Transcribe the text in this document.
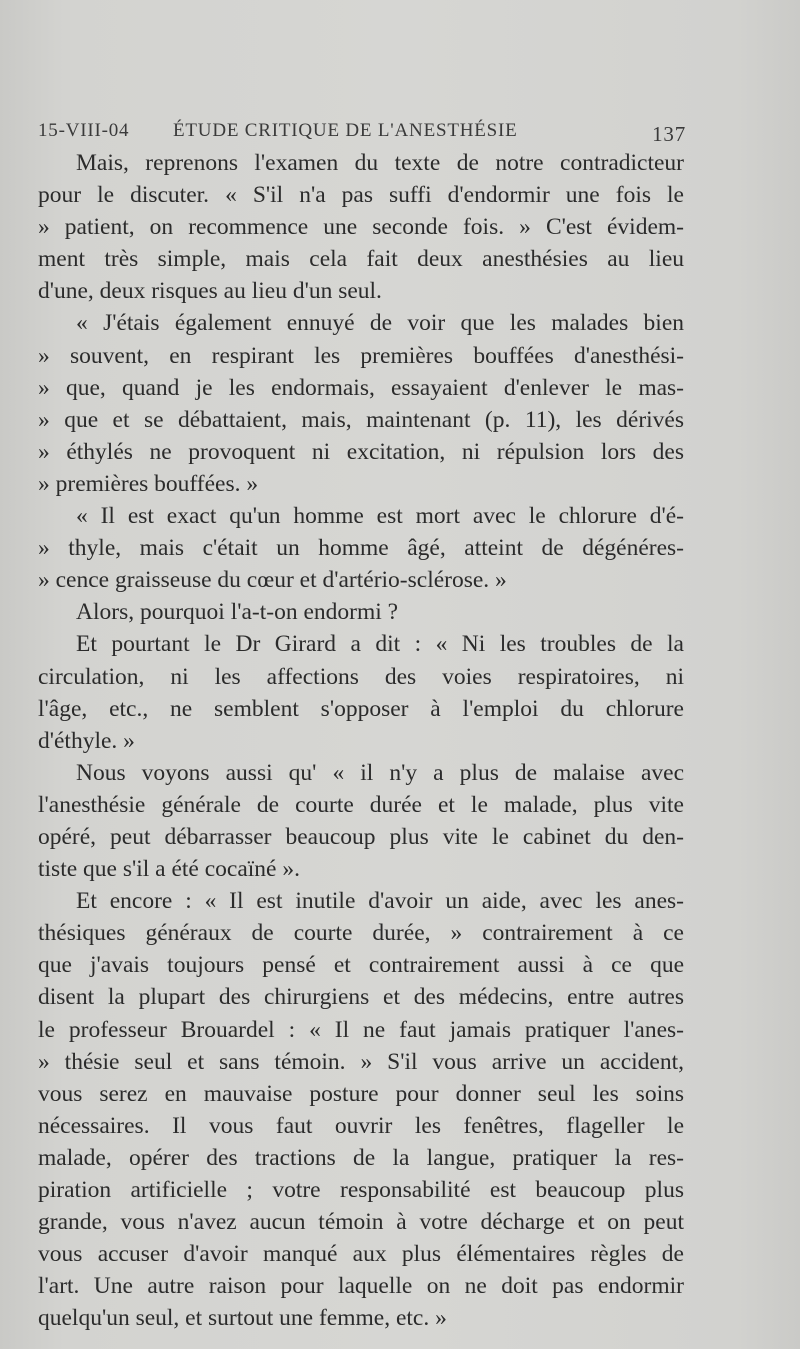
15-VIII-04 ÉTUDE CRITIQUE DE L'ANESTHÉSIE	137
Mais, reprenons l'examen du texte de notre contradicteur
pour le discuter. « S'il n'a pas suffi d'endormir une fois le
» patient, on recommence une seconde fois. » C'est évidem-
ment très simple, mais cela fait deux anesthésies au lieu
d'une, deux risques au lieu d'un seul.
« J'étais également ennuyé de voir que les malades bien
» souvent, en respirant les premières bouffées d'anesthési-
» que, quand je les endormais, essayaient d'enlever le mas-
» que et se débattaient, mais, maintenant (p. 11), les dérivés
» éthylés ne provoquent ni excitation, ni répulsion lors des
» premières bouffées. »
« Il est exact qu'un homme est mort avec le chlorure d'é-
» thyle, mais c'était un homme âgé, atteint de dégénéres-
» cence graisseuse du cœur et d'artério-sclérose. »
Alors, pourquoi l'a-t-on endormi ?
Et pourtant le Dr Girard a dit : « Ni les troubles de la
circulation, ni les affections des voies respiratoires, ni
l'âge, etc., ne semblent s'opposer à l'emploi du chlorure
d'éthyle. »
Nous voyons aussi qu' « il n'y a plus de malaise avec
l'anesthésie générale de courte durée et le malade, plus vite
opéré, peut débarrasser beaucoup plus vite le cabinet du den-
tiste que s'il a été cocaïné ».
Et encore : « Il est inutile d'avoir un aide, avec les anes-
thésiques généraux de courte durée, » contrairement à ce
que j'avais toujours pensé et contrairement aussi à ce que
disent la plupart des chirurgiens et des médecins, entre autres
le professeur Brouardel : « Il ne faut jamais pratiquer l'anes-
» thésie seul et sans témoin. » S'il vous arrive un accident,
vous serez en mauvaise posture pour donner seul les soins
nécessaires. Il vous faut ouvrir les fenêtres, flageller le
malade, opérer des tractions de la langue, pratiquer la res-
piration artificielle ; votre responsabilité est beaucoup plus
grande, vous n'avez aucun témoin à votre décharge et on peut
vous accuser d'avoir manqué aux plus élémentaires règles de
l'art. Une autre raison pour laquelle on ne doit pas endormir
quelqu'un seul, et surtout une femme, etc. »
